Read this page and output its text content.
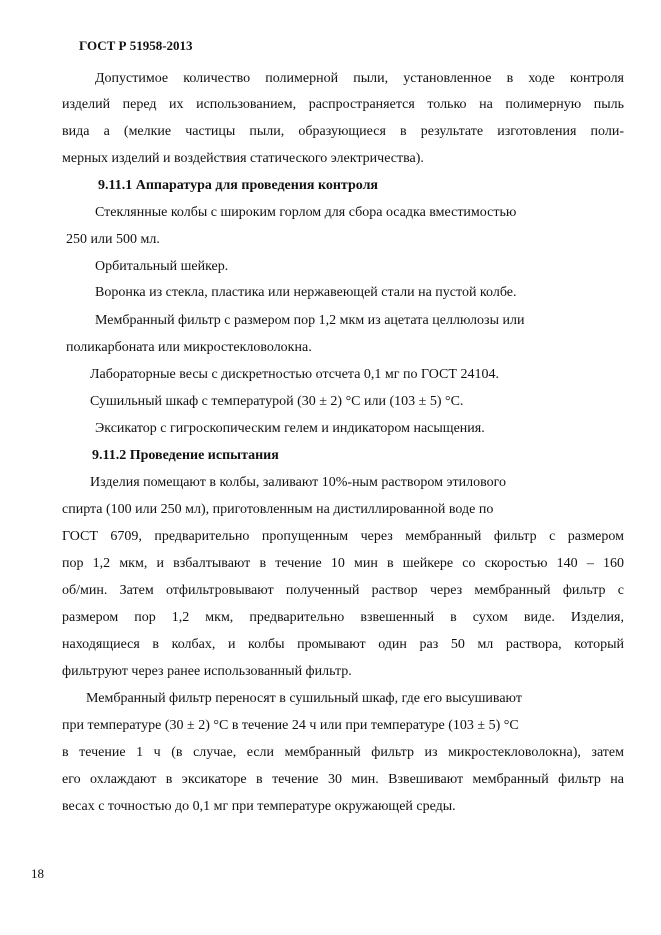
ГОСТ Р 51958-2013
Допустимое количество полимерной пыли, установленное в ходе контроля
изделий перед их использованием, распространяется только на полимерную пыль
вида а (мелкие частицы пыли, образующиеся в результате изготовления поли-
мерных изделий и воздействия статического электричества).
9.11.1 Аппаратура для проведения контроля
Стеклянные колбы с широким горлом для сбора осадка вместимостью
250 или 500 мл.
Орбитальный шейкер.
Воронка из стекла, пластика или нержавеющей стали на пустой колбе.
Мембранный фильтр с размером пор 1,2 мкм из ацетата целлюлозы или
поликарбоната или микростекловолокна.
Лабораторные весы с дискретностью отсчета 0,1 мг по ГОСТ 24104.
Сушильный шкаф с температурой (30 ± 2) °С или (103 ± 5) °С.
Эксикатор с гигроскопическим гелем и индикатором насыщения.
9.11.2 Проведение испытания
Изделия помещают в колбы, заливают 10%-ным раствором этилового
спирта (100 или 250 мл), приготовленным на дистиллированной воде по
ГОСТ 6709, предварительно пропущенным через мембранный фильтр с размером
пор 1,2 мкм, и взбалтывают в течение 10 мин в шейкере со скоростью 140 – 160
об/мин. Затем отфильтровывают полученный раствор через мембранный фильтр с
размером пор 1,2 мкм, предварительно взвешенный в сухом виде. Изделия,
находящиеся в колбах, и колбы промывают один раз 50 мл раствора, который
фильтруют через ранее использованный фильтр.
Мембранный фильтр переносят в сушильный шкаф, где его высушивают
при температуре (30 ± 2) °С в течение 24 ч или при температуре (103 ± 5) °С
в течение 1 ч (в случае, если мембранный фильтр из микростекловолокна), затем
его охлаждают в эксикаторе в течение 30 мин. Взвешивают мембранный фильтр на
весах с точностью до 0,1 мг при температуре окружающей среды.
18
